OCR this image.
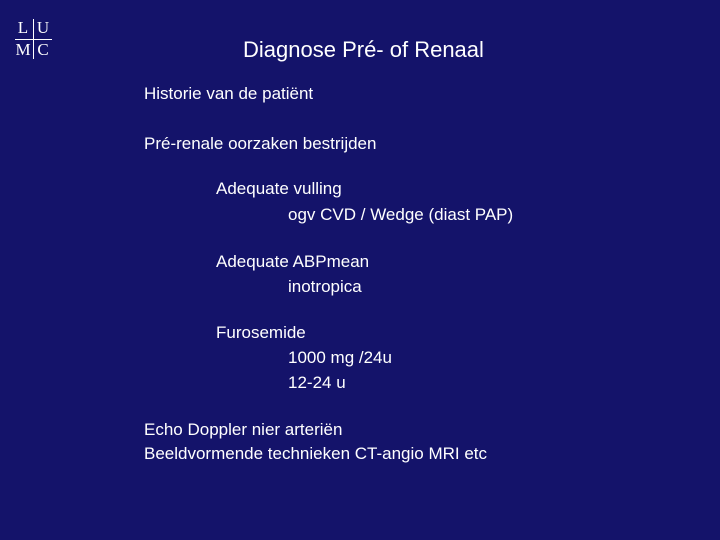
L U
M C	Diagnose Pré- of Renaal
Historie van de patiënt
Pré-renale oorzaken bestrijden
Adequate vulling
ogv CVD / Wedge (diast PAP)
Adequate ABPmean
inotropica
Furosemide
1000 mg /24u
12-24 u
Echo Doppler nier arteriën
Beeldvormende technieken CT-angio MRI etc
